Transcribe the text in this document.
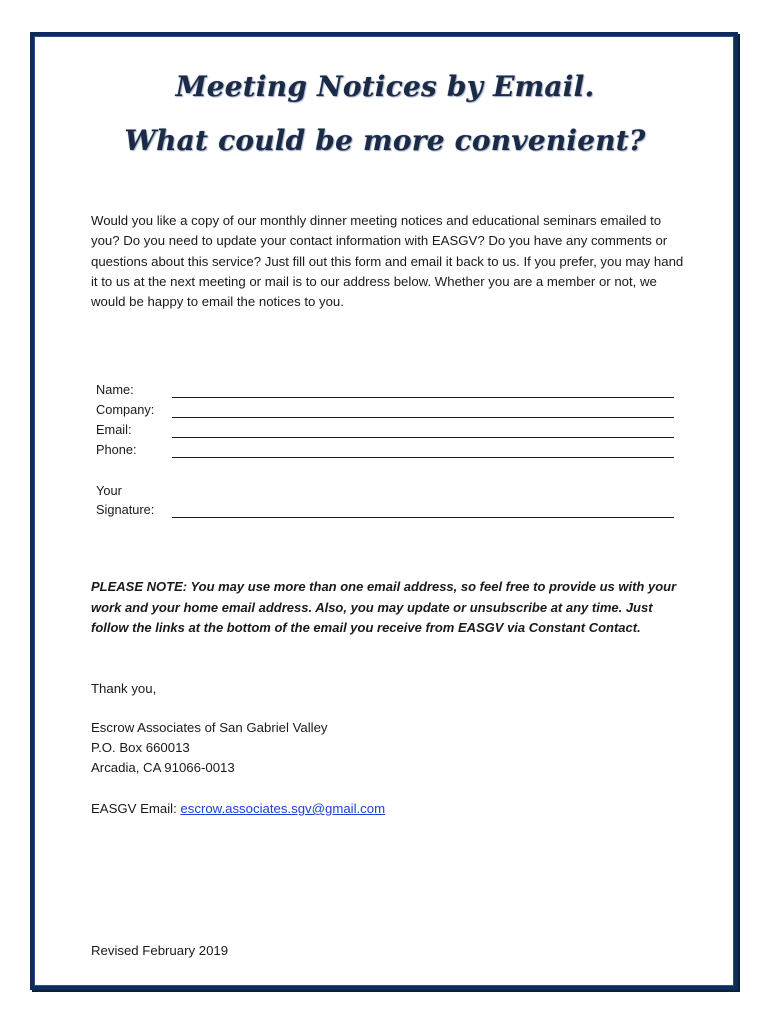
Meeting Notices by Email.
What could be more convenient?

Would you like a copy of our monthly dinner meeting notices and educational seminars emailed to you? Do you need to update your contact information with EASGV? Do you have any comments or questions about this service? Just fill out this form and email it back to us. If you prefer, you may hand it to us at the next meeting or mail is to our address below. Whether you are a member or not, we would be happy to email the notices to you.

Name:
Company:
Email:
Phone:
Your
Signature:

PLEASE NOTE: You may use more than one email address, so feel free to provide us with your work and your home email address. Also, you may update or unsubscribe at any time. Just follow the links at the bottom of the email you receive from EASGV via Constant Contact.

Thank you,

Escrow Associates of San Gabriel Valley
P.O. Box 660013
Arcadia, CA 91066-0013

EASGV Email: escrow.associates.sgv@gmail.com

Revised February 2019
